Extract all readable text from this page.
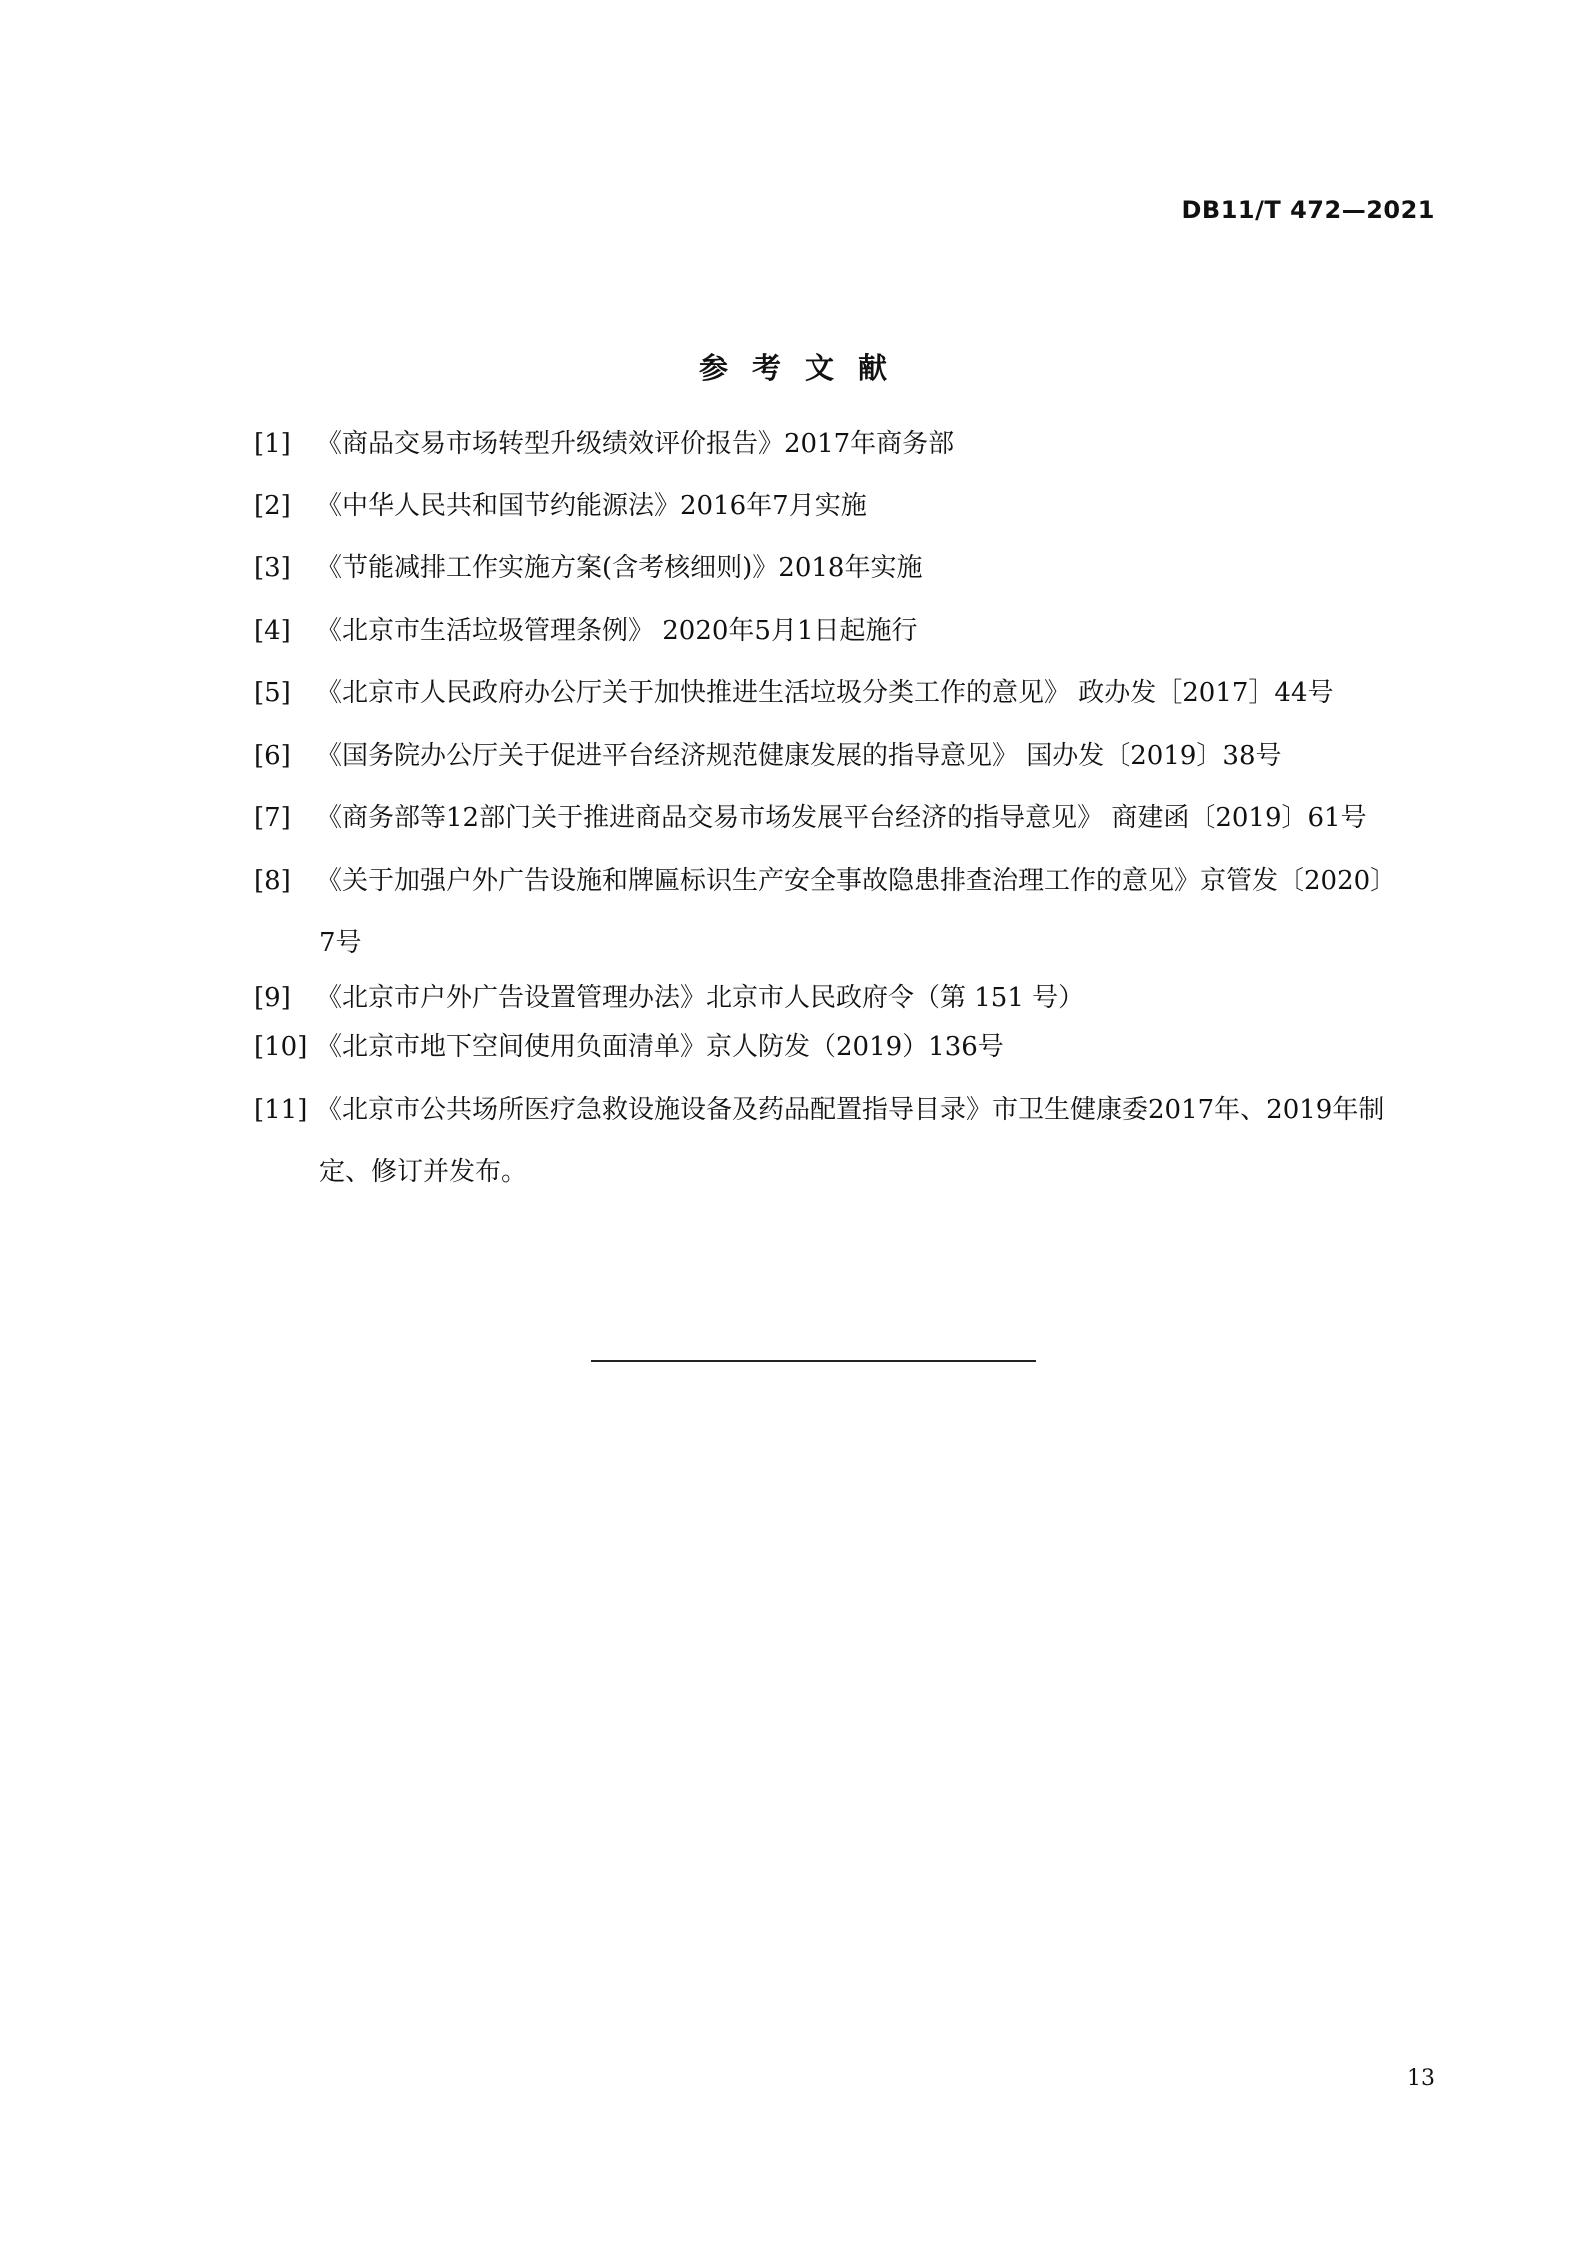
DB11/T 472—2021
参考文献
[1] 《商品交易市场转型升级绩效评价报告》2017年商务部
[2] 《中华人民共和国节约能源法》2016年7月实施
[3] 《节能减排工作实施方案(含考核细则)》2018年实施
[4] 《北京市生活垃圾管理条例》 2020年5月1日起施行
[5] 《北京市人民政府办公厅关于加快推进生活垃圾分类工作的意见》 政办发［2017］44号
[6] 《国务院办公厅关于促进平台经济规范健康发展的指导意见》 国办发〔2019〕38号
[7] 《商务部等12部门关于推进商品交易市场发展平台经济的指导意见》 商建函〔2019〕61号
[8] 《关于加强户外广告设施和牌匾标识生产安全事故隐患排查治理工作的意见》京管发〔2020〕
7号
[9] 《北京市户外广告设置管理办法》北京市人民政府令（第 151 号）
[10] 《北京市地下空间使用负面清单》京人防发（2019）136号
[11] 《北京市公共场所医疗急救设施设备及药品配置指导目录》市卫生健康委2017年、2019年制
定、修订并发布。
13
